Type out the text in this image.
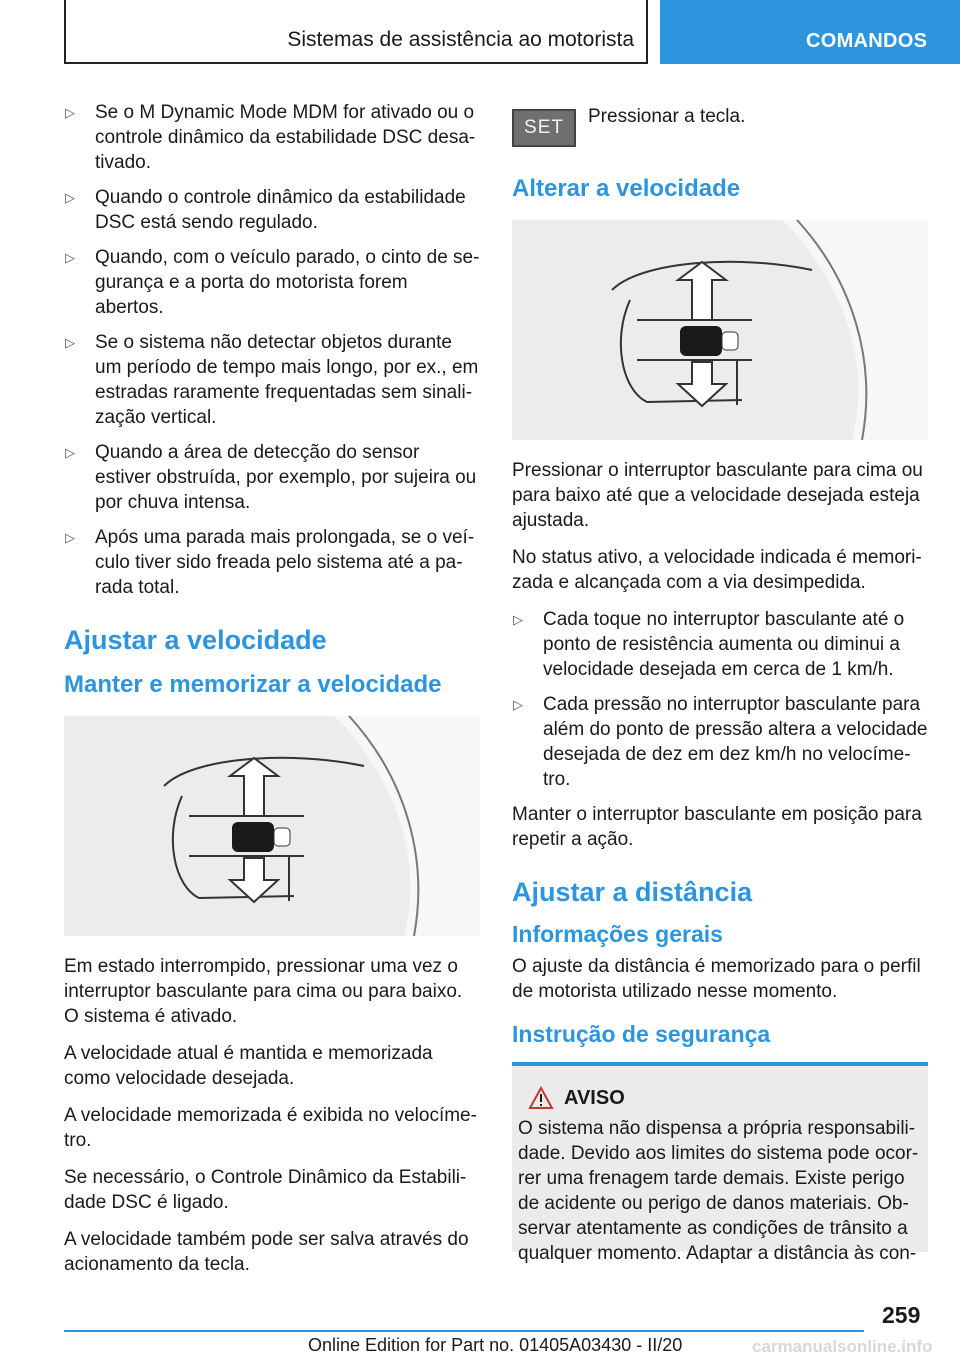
Sistemas de assistência ao motorista	COMANDOS
▷ Se o M Dynamic Mode MDM for ativado ou o controle dinâmico da estabilidade DSC desa-tivado.
▷ Quando o controle dinâmico da estabilidade DSC está sendo regulado.
▷ Quando, com o veículo parado, o cinto de se-gurança e a porta do motorista forem abertos.
▷ Se o sistema não detectar objetos durante um período de tempo mais longo, por ex., em estradas raramente frequentadas sem sinali-zação vertical.
▷ Quando a área de detecção do sensor estiver obstruída, por exemplo, por sujeira ou por chuva intensa.
▷ Após uma parada mais prolongada, se o veí-culo tiver sido freada pelo sistema até a pa-rada total.
Ajustar a velocidade
Manter e memorizar a velocidade

Em estado interrompido, pressionar uma vez o interruptor basculante para cima ou para baixo. O sistema é ativado.

A velocidade atual é mantida e memorizada como velocidade desejada.

A velocidade memorizada é exibida no velocíme-tro.

Se necessário, o Controle Dinâmico da Estabili-dade DSC é ligado.

A velocidade também pode ser salva através do acionamento da tecla.

SET
Pressionar a tecla.
Alterar a velocidade

Pressionar o interruptor basculante para cima ou para baixo até que a velocidade desejada esteja ajustada.

No status ativo, a velocidade indicada é memori-zada e alcançada com a via desimpedida.

▷ Cada toque no interruptor basculante até o ponto de resistência aumenta ou diminui a velocidade desejada em cerca de 1 km/h.
▷ Cada pressão no interruptor basculante para além do ponto de pressão altera a velocidade desejada de dez em dez km/h no velocíme-tro.

Manter o interruptor basculante em posição para repetir a ação.

Ajustar a distância
Informações gerais

O ajuste da distância é memorizado para o perfil de motorista utilizado nesse momento.

Instrução de segurança
AVISO

O sistema não dispensa a própria responsabili-dade. Devido aos limites do sistema pode ocor-rer uma frenagem tarde demais. Existe perigo de acidente ou perigo de danos materiais. Ob-servar atentamente as condições de trânsito a qualquer momento. Adaptar a distância às con-

259
Online Edition for Part no. 01405A03430 - II/20	carmanualsonline.info
